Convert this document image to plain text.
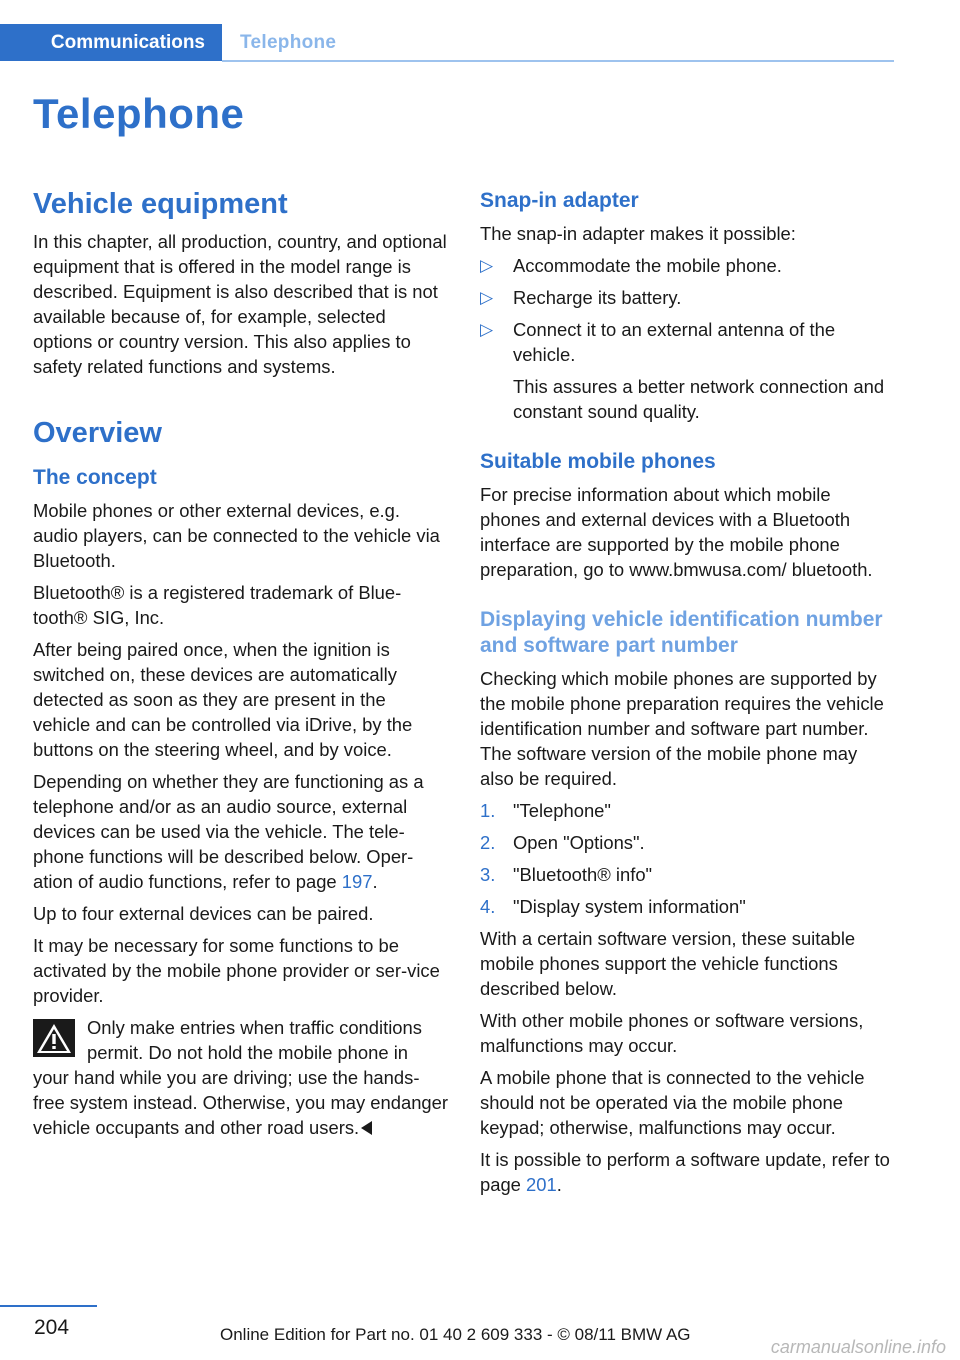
Communications	Telephone
Telephone
Vehicle equipment

In this chapter, all production, country, and optional equipment that is offered in the model range is described. Equipment is also described that is not available because of, for example, selected options or country version. This also applies to safety related functions and systems.

Overview
The concept

Mobile phones or other external devices, e.g. audio players, can be connected to the vehicle via Bluetooth.

Bluetooth® is a registered trademark of Blue-tooth® SIG, Inc.

After being paired once, when the ignition is switched on, these devices are automatically detected as soon as they are present in the vehicle and can be controlled via iDrive, by the buttons on the steering wheel, and by voice.

Depending on whether they are functioning as a telephone and/or as an audio source, external devices can be used via the vehicle. The tele-phone functions will be described below. Oper-ation of audio functions, refer to page 197.

Up to four external devices can be paired.

It may be necessary for some functions to be activated by the mobile phone provider or ser-vice provider.

Only make entries when traffic conditions permit. Do not hold the mobile phone in your hand while you are driving; use the hands-free system instead. Otherwise, you may endanger vehicle occupants and other road users.
Snap-in adapter

The snap-in adapter makes it possible:

▷ Accommodate the mobile phone.
▷ Recharge its battery.
▷ Connect it to an external antenna of the vehicle.

This assures a better network connection and constant sound quality.

Suitable mobile phones

For precise information about which mobile phones and external devices with a Bluetooth interface are supported by the mobile phone preparation, go to www.bmwusa.com/ bluetooth.

Displaying vehicle identification number and software part number

Checking which mobile phones are supported by the mobile phone preparation requires the vehicle identification number and software part number. The software version of the mobile phone may also be required.

1. "Telephone"
2. Open "Options".
3. "Bluetooth® info"
4. "Display system information"

With a certain software version, these suitable mobile phones support the vehicle functions described below.

With other mobile phones or software versions, malfunctions may occur.

A mobile phone that is connected to the vehicle should not be operated via the mobile phone keypad; otherwise, malfunctions may occur.

It is possible to perform a software update, refer to page 201.

204	Online Edition for Part no. 01 40 2 609 333 - © 08/11 BMW AG
carmanualsonline.info
